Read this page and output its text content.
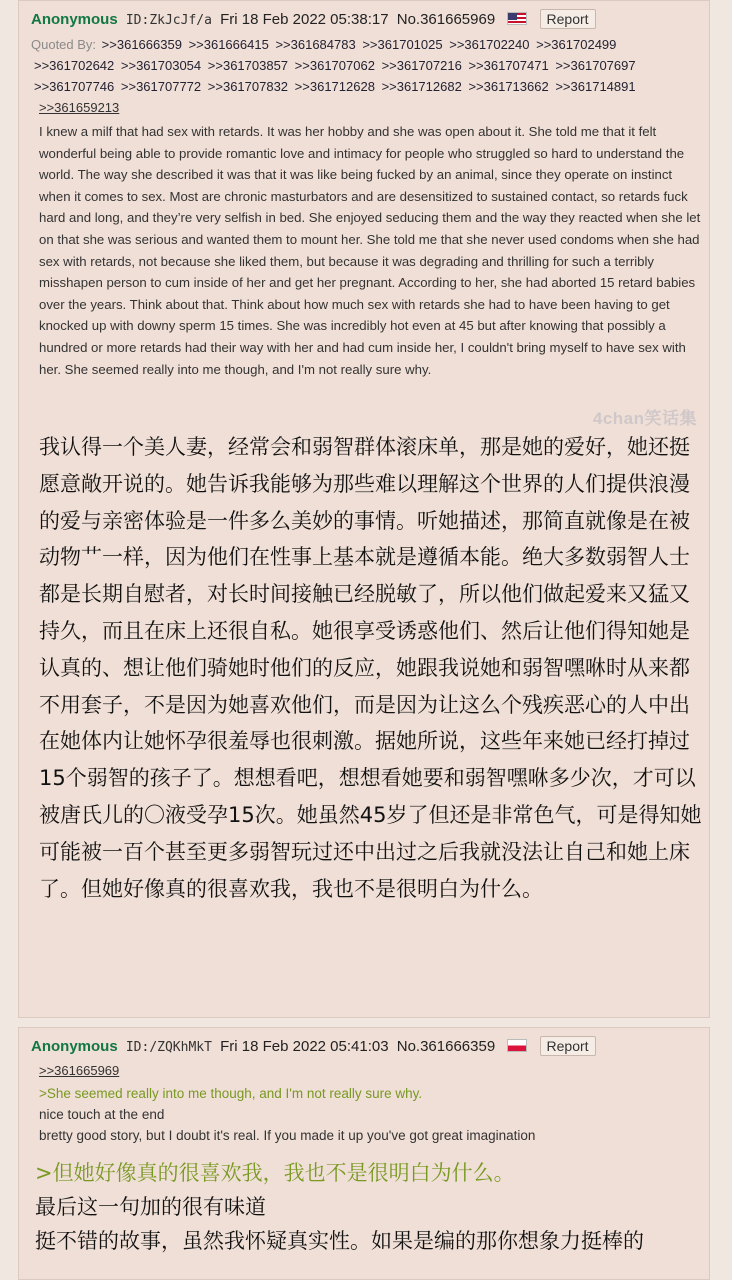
Anonymous ID:ZkJcJf/a Fri 18 Feb 2022 05:38:17 No.361665969	Report
Quoted By: >>361666359 >>361666415 >>361684783 >>361701025 >>361702240 >>361702499 >>361702642 >>361703054 >>361703857 >>361707062 >>361707216 >>361707471 >>361707697 >>361707746 >>361707772 >>361707832 >>361712628 >>361712682 >>361713662 >>361714891
>>361659213
I knew a milf that had sex with retards. It was her hobby and she was open about it. She told me that it felt wonderful being able to provide romantic love and intimacy for people who struggled so hard to understand the world. The way she described it was that it was like being fucked by an animal, since they operate on instinct when it comes to sex. Most are chronic masturbators and are desensitized to sustained contact, so retards fuck hard and long, and they’re very selfish in bed. She enjoyed seducing them and the way they reacted when she let on that she was serious and wanted them to mount her. She told me that she never used condoms when she had sex with retards, not because she liked them, but because it was degrading and thrilling for such a terribly misshapen person to cum inside of her and get her pregnant. According to her, she had aborted 15 retard babies over the years. Think about that. Think about how much sex with retards she had to have been having to get knocked up with downy sperm 15 times. She was incredibly hot even at 45 but after knowing that possibly a hundred or more retards had their way with her and had cum inside her, I couldn't bring myself to have sex with her. She seemed really into me though, and I'm not really sure why.
4chan笑话集
我认得一个美人妻，经常会和弱智群体滚床单，那是她的爱好，她还挺愿意敞开说的。她告诉我能够为那些难以理解这个世界的人们提供浪漫的爱与亲密体验是一件多么美妙的事情。听她描述，那简直就像是在被动物艹一样，因为他们在性事上基本就是遵循本能。绝大多数弱智人士都是长期自慰者，对长时间接触已经脱敏了，所以他们做起爱来又猛又持久，而且在床上还很自私。她很享受诱惑他们、然后让他们得知她是认真的、想让他们骑她时他们的反应，她跟我说她和弱智嘿咻时从来都不用套子，不是因为她喜欢他们，而是因为让这么个残疾恶心的人中出在她体内让她怀孕很羞辱也很刺激。据她所说，这些年来她已经打掉过15个弱智的孩子了。想想看吧，想想看她要和弱智嘿咻多少次，才可以被唐氏儿的〇液受孕15次。她虽然45岁了但还是非常色气，可是得知她可能被一百个甚至更多弱智玩过还中出过之后我就没法让自己和她上床了。但她好像真的很喜欢我，我也不是很明白为什么。
Anonymous ID:/ZQKhMkT Fri 18 Feb 2022 05:41:03 No.361666359	Report
>>361665969
>She seemed really into me though, and I'm not really sure why.
nice touch at the end
bretty good story, but I doubt it's real. If you made it up you've got great imagination
>但她好像真的很喜欢我，我也不是很明白为什么。
最后这一句加的很有味道
挺不错的故事，虽然我怀疑真实性。如果是编的那你想象力挺棒的
